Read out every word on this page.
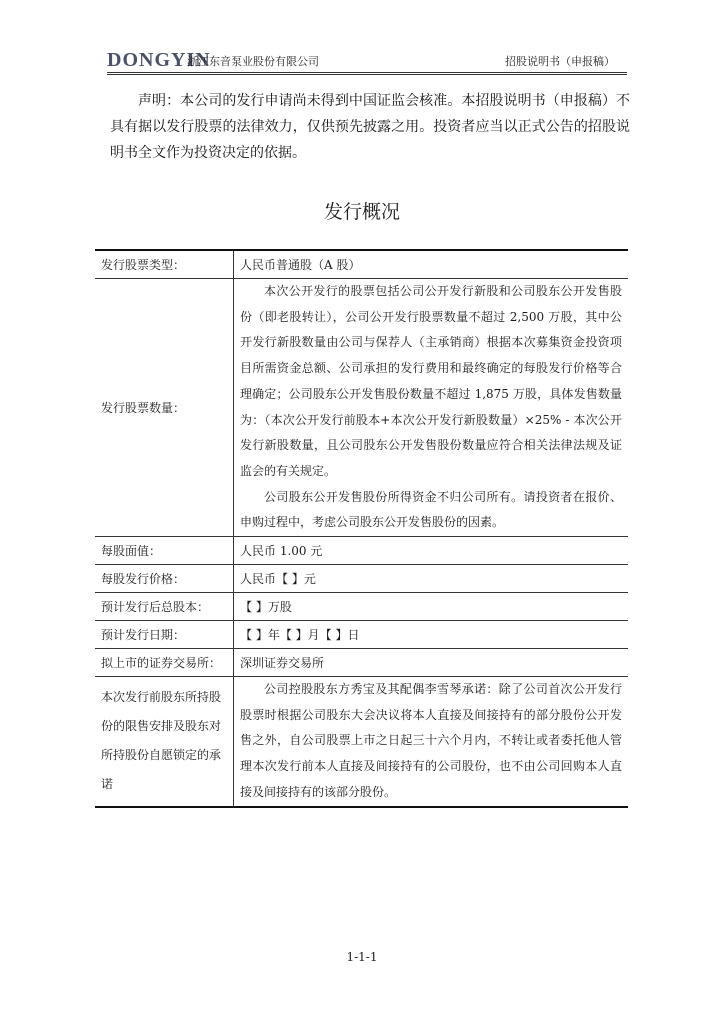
DONGYIN
浙江东音泵业股份有限公司	招股说明书（申报稿）

声明：本公司的发行申请尚未得到中国证监会核准。本招股说明书（申报稿）不具有据以发行股票的法律效力，仅供预先披露之用。投资者应当以正式公告的招股说明书全文作为投资决定的依据。

发行概况
发行股票类型：	人民币普通股（A 股）
发行股票数量：	本次公开发行的股票包括公司公开发行新股和公司股东公开发售股份（即老股转让），公司公开发行股票数量不超过 2,500 万股，其中公开发行新股数量由公司与保荐人（主承销商）根据本次募集资金投资项目所需资金总额、公司承担的发行费用和最终确定的每股发行价格等合理确定；公司股东公开发售股份数量不超过 1,875 万股，具体发售数量为：（本次公开发行前股本+本次公开发行新股数量）×25% - 本次公开发行新股数量，且公司股东公开发售股份数量应符合相关法律法规及证监会的有关规定。

公司股东公开发售股份所得资金不归公司所有。请投资者在报价、申购过程中，考虑公司股东公开发售股份的因素。

每股面值：	人民币 1.00 元
每股发行价格：	人民币【 】元
预计发行后总股本：	【 】万股
预计发行日期：	【 】年【 】月【 】日
拟上市的证券交易所：	深圳证券交易所
本次发行前股东所持股份的限售安排及股东对所持股份自愿锁定的承诺	公司控股股东方秀宝及其配偶李雪琴承诺：除了公司首次公开发行股票时根据公司股东大会决议将本人直接及间接持有的部分股份公开发售之外，自公司股票上市之日起三十六个月内，不转让或者委托他人管理本次发行前本人直接及间接持有的公司股份，也不由公司回购本人直接及间接持有的该部分股份。

1-1-1
